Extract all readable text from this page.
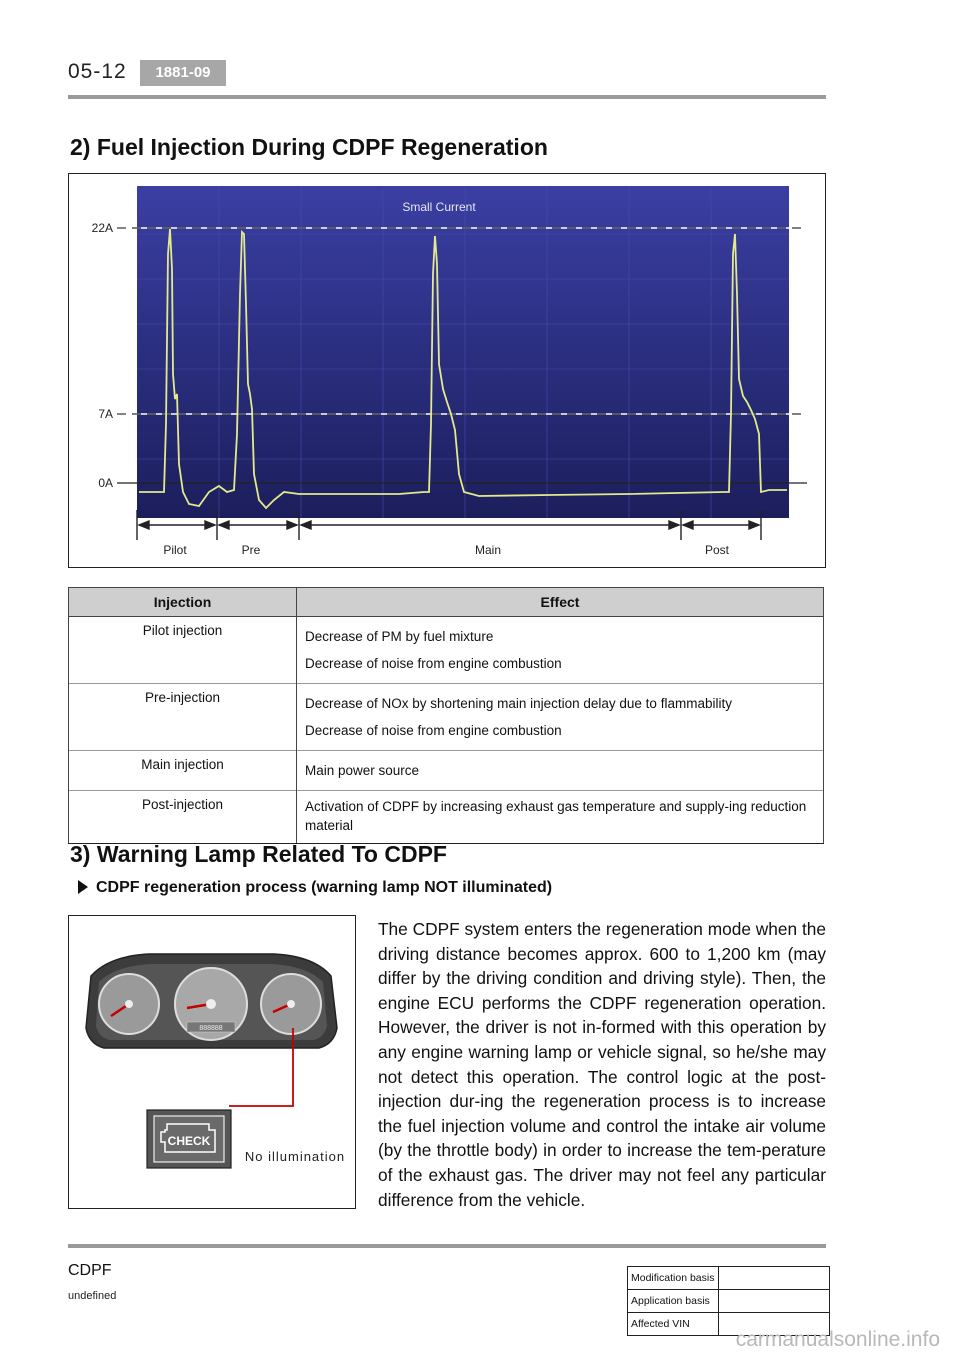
05-12	1881-09
2) Fuel Injection During CDPF Regeneration
Small Current
22A
7A
0A
Pilot	Pre	Main	Post
Injection	Effect
Pilot injection	Decrease of PM by fuel mixture
Decrease of noise from engine combustion

Pre-injection	Decrease of NOx by shortening main injection delay due to flammability
Decrease of noise from engine combustion

Main injection	Main power source

Post-injection	Activation of CDPF by increasing exhaust gas temperature and supply-ing reduction material
3) Warning Lamp Related To CDPF
CDPF regeneration process (warning lamp NOT illuminated)
888888
CHECK
No illumination
The CDPF system enters the regeneration mode when the driving distance becomes approx. 600 to 1,200 km (may differ by the driving condition and driving style). Then, the engine ECU performs the CDPF regeneration operation. However, the driver is not in-formed with this operation by any engine warning lamp or vehicle signal, so he/she may not detect this operation. The control logic at the post-injection dur-ing the regeneration process is to increase the fuel injection volume and control the intake air volume (by the throttle body) in order to increase the tem-perature of the exhaust gas. The driver may not feel any particular difference from the vehicle.
CDPF
undefined
Modification basis	
Application basis	
Affected VIN	
carmanualsonline.info
